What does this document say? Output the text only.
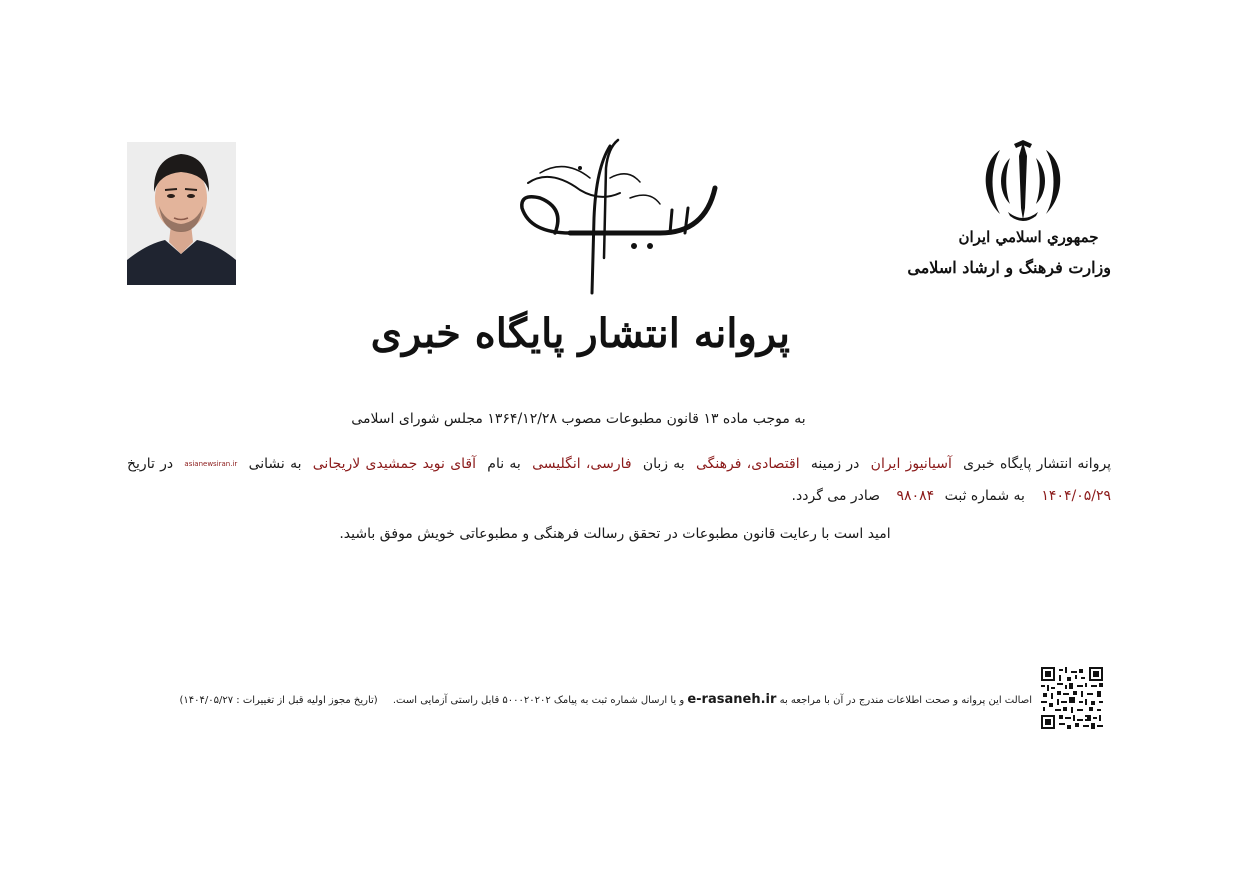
جمهوري اسلامي ايران
وزارت فرهنگ و ارشاد اسلامی
پروانه انتشار پایگاه خبری
به موجب ماده ۱۳ قانون مطبوعات مصوب ۱۳۶۴/۱۲/۲۸ مجلس شورای اسلامی
پروانه انتشار پایگاه خبری آسیانیوز ایران در زمینه اقتصادی، فرهنگی به زبان فارسی، انگلیسی به نام آقای نوید جمشیدی لاریجانی به نشانی asianewsiran.ir در تاریخ
۱۴۰۴/۰۵/۲۹ به شماره ثبت ۹۸۰۸۴ صادر می گردد.
امید است با رعایت قانون مطبوعات در تحقق رسالت فرهنگی و مطبوعاتی خویش موفق باشید.
اصالت این پروانه و صحت اطلاعات مندرج در آن با مراجعه به e-rasaneh.ir و یا ارسال شماره ثبت به پیامک ۵۰۰۰۲۰۲۰۲ قابل راستی آزمایی است. (تاریخ مجوز اولیه قبل از تغییرات : ۱۴۰۴/۰۵/۲۷)
